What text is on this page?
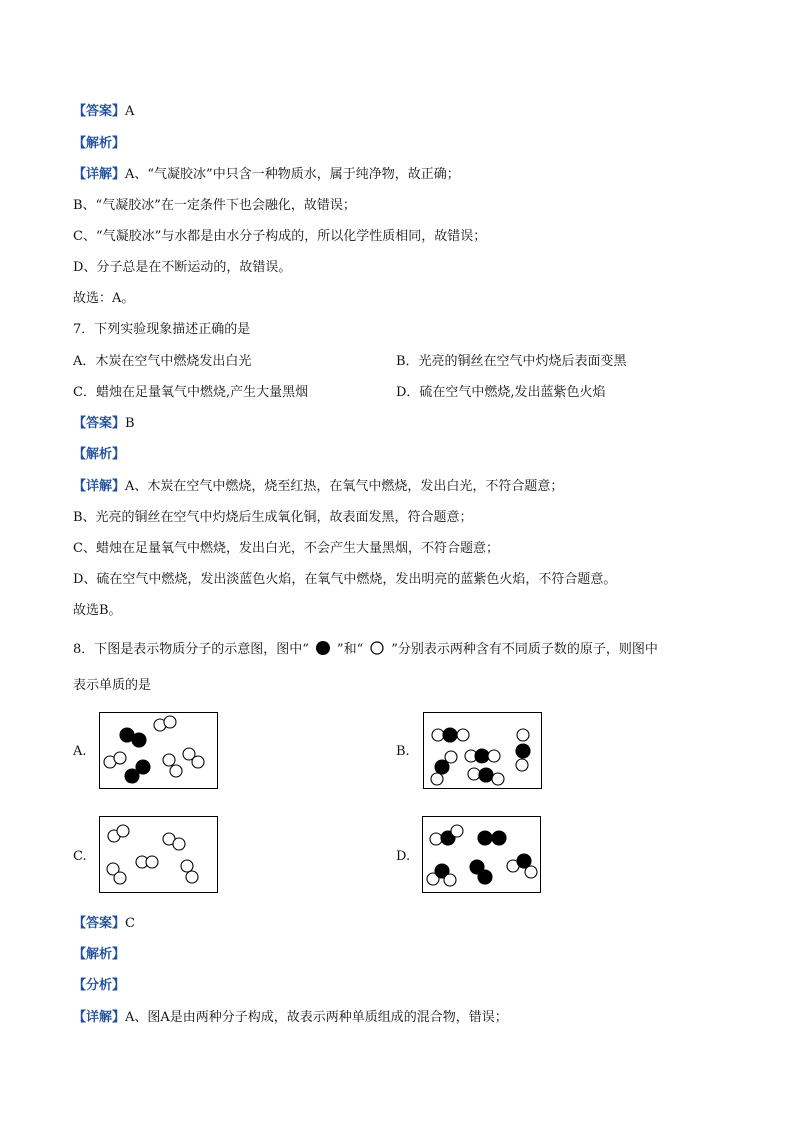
【答案】A
【解析】
【详解】A、“气凝胶冰”中只含一种物质水，属于纯净物，故正确；
B、“气凝胶冰”在一定条件下也会融化，故错误；
C、“气凝胶冰”与水都是由水分子构成的，所以化学性质相同，故错误；
D、分子总是在不断运动的，故错误。
故选：A。
7．下列实验现象描述正确的是
A．木炭在空气中燃烧发出白光	B．光亮的铜丝在空气中灼烧后表面变黑
C．蜡烛在足量氧气中燃烧,产生大量黑烟	D．硫在空气中燃烧,发出蓝紫色火焰
【答案】B
【解析】
【详解】A、木炭在空气中燃烧，烧至红热，在氧气中燃烧，发出白光，不符合题意；
B、光亮的铜丝在空气中灼烧后生成氧化铜，故表面发黑，符合题意；
C、蜡烛在足量氧气中燃烧，发出白光，不会产生大量黑烟，不符合题意；
D、硫在空气中燃烧，发出淡蓝色火焰，在氧气中燃烧，发出明亮的蓝紫色火焰，不符合题意。
故选B。
8．下图是表示物质分子的示意图，图中“ ”和“ ”分别表示两种含有不同质子数的原子，则图中
表示单质的是
A.	B.
C.	D.
【答案】C
【解析】
【分析】
【详解】A、图A是由两种分子构成，故表示两种单质组成的混合物，错误；
